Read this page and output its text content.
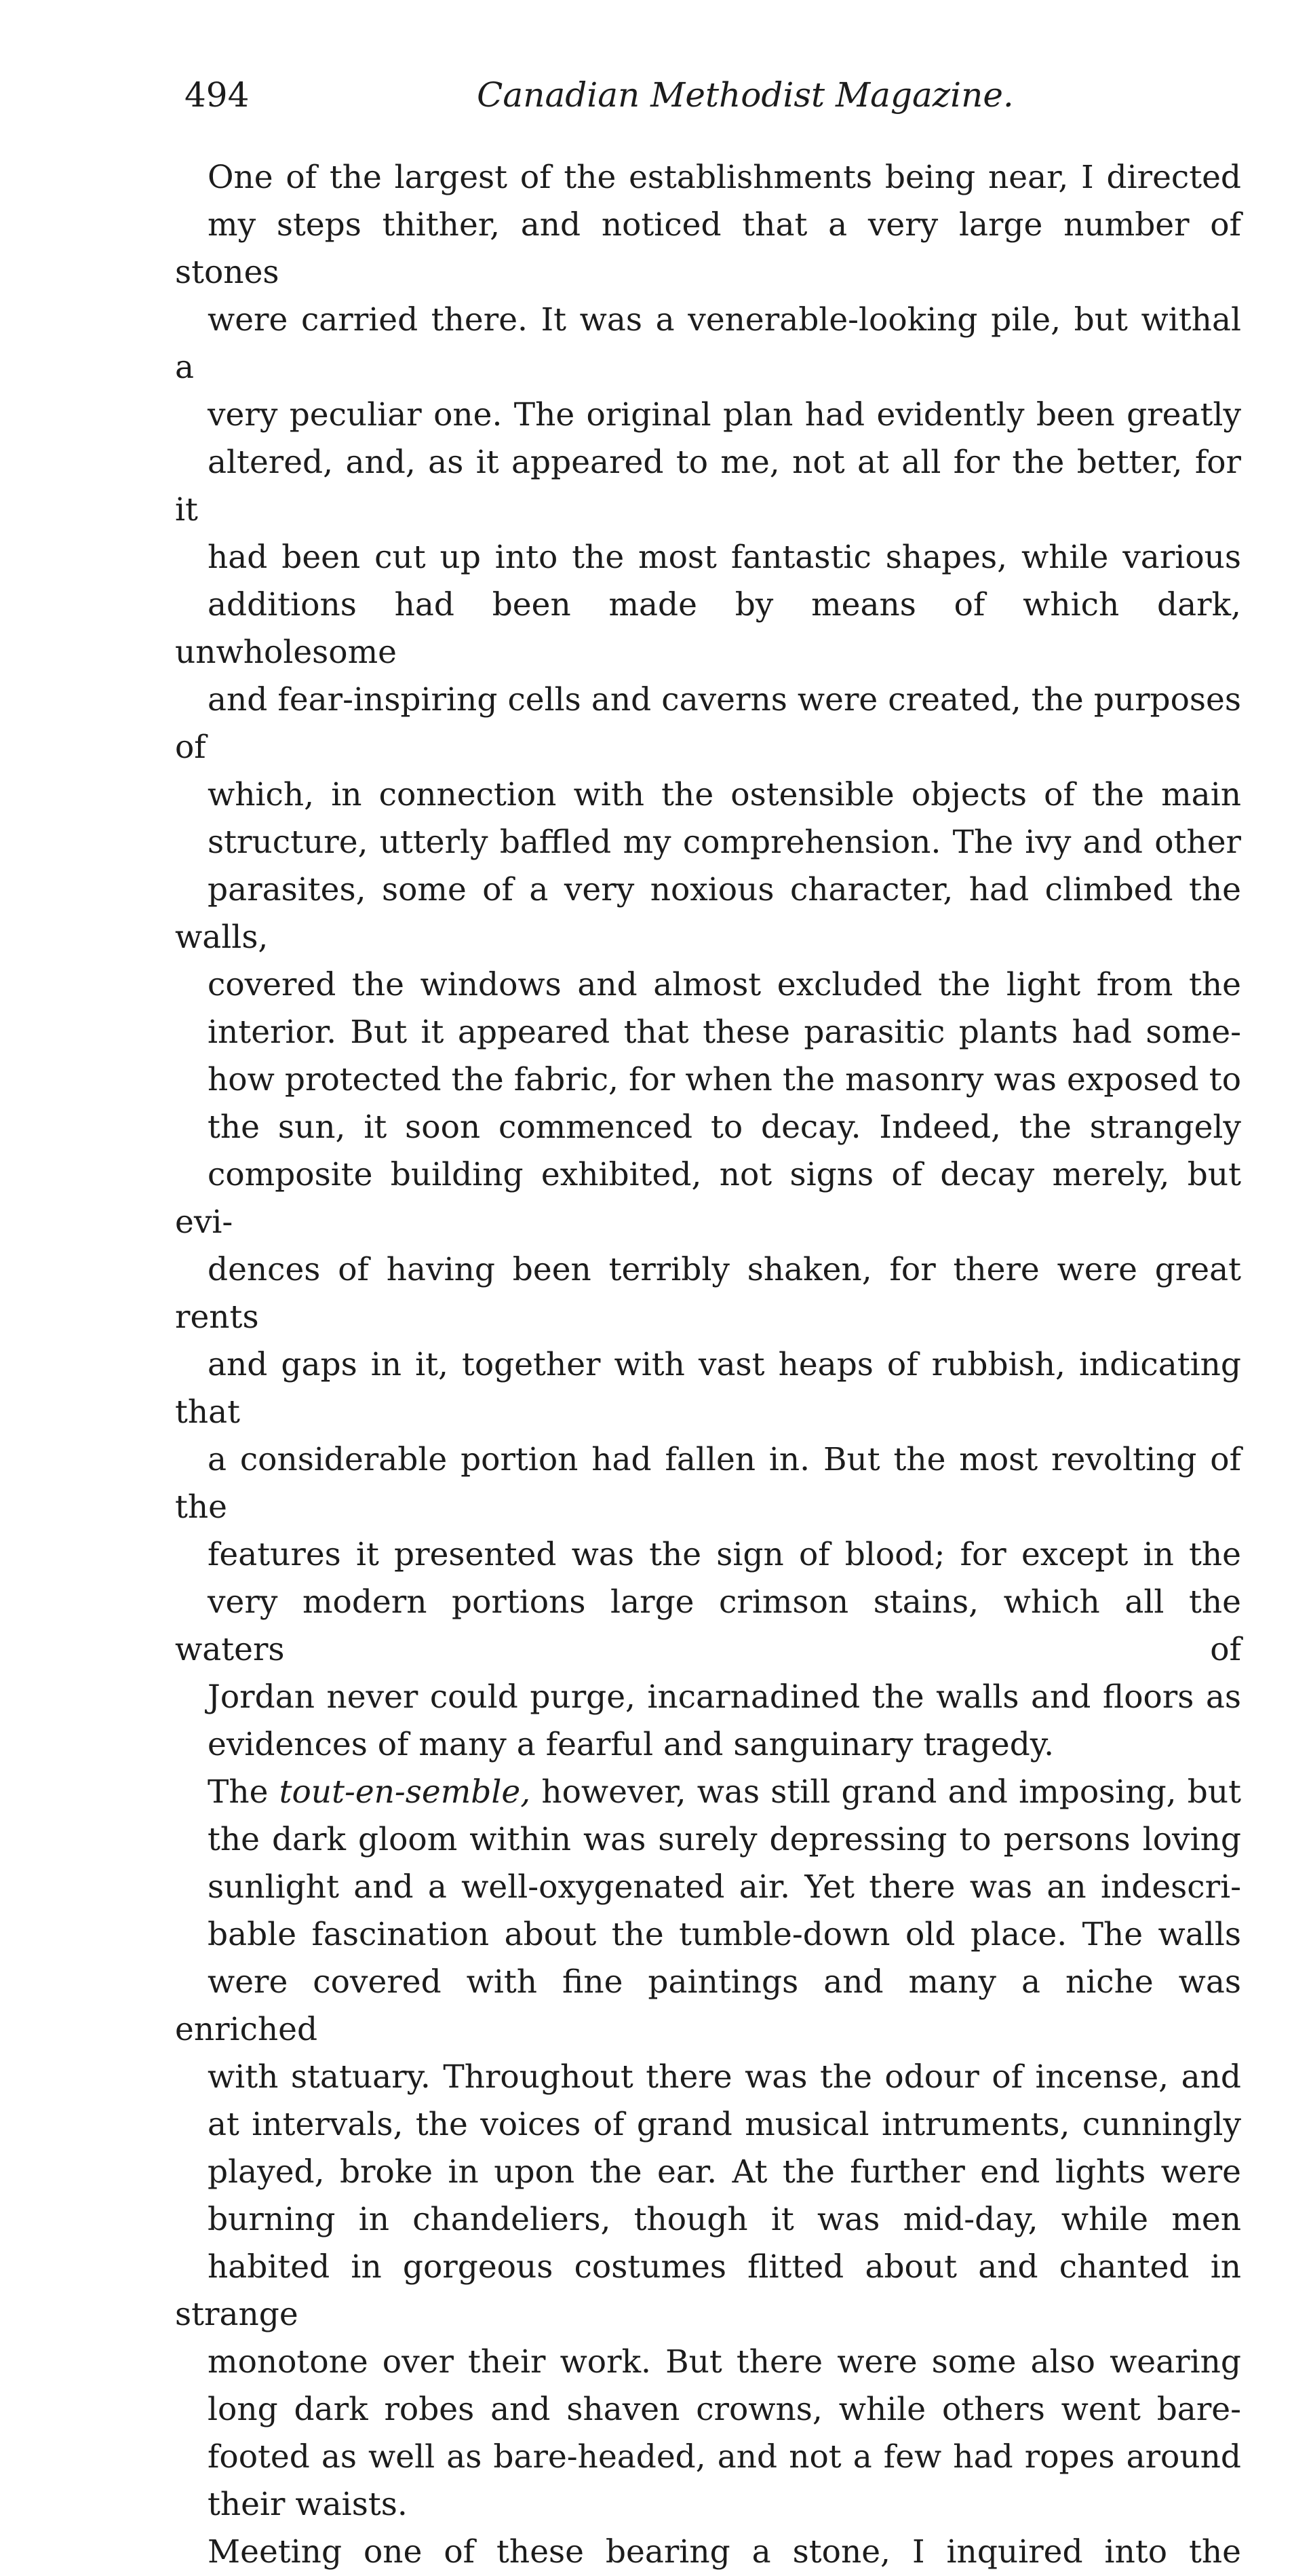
494	Canadian Methodist Magazine.

One of the largest of the establishments being near, I directed
my steps thither, and noticed that a very large number of stones
were carried there. It was a venerable-looking pile, but withal a
very peculiar one. The original plan had evidently been greatly
altered, and, as it appeared to me, not at all for the better, for it
had been cut up into the most fantastic shapes, while various
additions had been made by means of which dark, unwholesome
and fear-inspiring cells and caverns were created, the purposes of
which, in connection with the ostensible objects of the main
structure, utterly baffled my comprehension. The ivy and other
parasites, some of a very noxious character, had climbed the walls,
covered the windows and almost excluded the light from the
interior. But it appeared that these parasitic plants had some-
how protected the fabric, for when the masonry was exposed to
the sun, it soon commenced to decay. Indeed, the strangely
composite building exhibited, not signs of decay merely, but evi-
dences of having been terribly shaken, for there were great rents
and gaps in it, together with vast heaps of rubbish, indicating that
a considerable portion had fallen in. But the most revolting of the
features it presented was the sign of blood; for except in the
very modern portions large crimson stains, which all the waters of
Jordan never could purge, incarnadined the walls and floors as
evidences of many a fearful and sanguinary tragedy.

The tout-en-semble, however, was still grand and imposing, but
the dark gloom within was surely depressing to persons loving
sunlight and a well-oxygenated air. Yet there was an indescri-
bable fascination about the tumble-down old place. The walls
were covered with fine paintings and many a niche was enriched
with statuary. Throughout there was the odour of incense, and
at intervals, the voices of grand musical intruments, cunningly
played, broke in upon the ear. At the further end lights were
burning in chandeliers, though it was mid-day, while men
habited in gorgeous costumes flitted about and chanted in strange
monotone over their work. But there were some also wearing
long dark robes and shaven crowns, while others went bare-
footed as well as bare-headed, and not a few had ropes around
their waists.

Meeting one of these bearing a stone, I inquired into the
